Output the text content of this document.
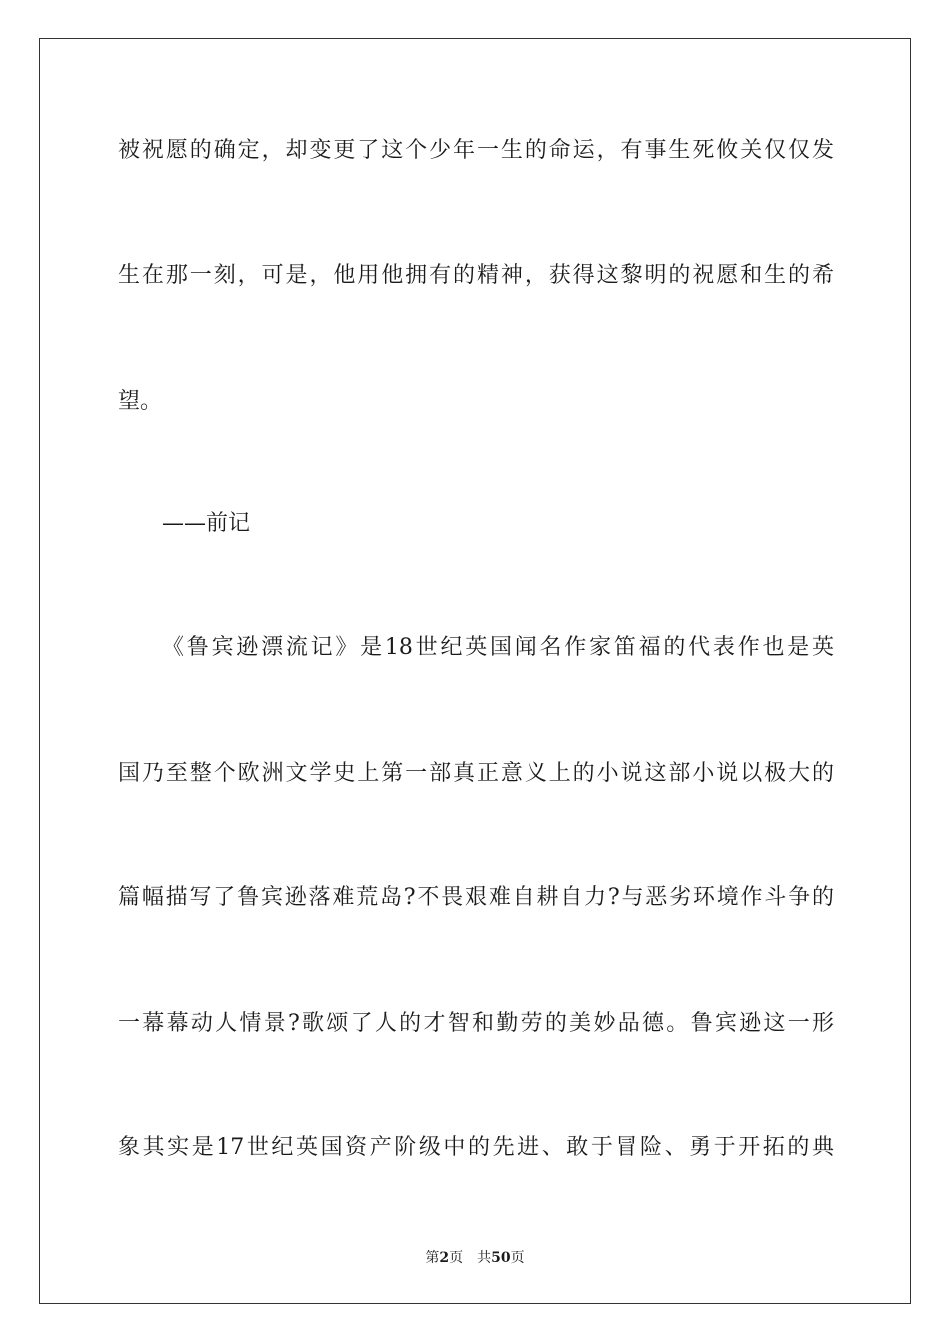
被祝愿的确定，却变更了这个少年一生的命运，有事生死攸关仅仅发
生在那一刻，可是，他用他拥有的精神，获得这黎明的祝愿和生的希
望。
——前记
《鲁宾逊漂流记》是18世纪英国闻名作家笛福的代表作也是英
国乃至整个欧洲文学史上第一部真正意义上的小说这部小说以极大的
篇幅描写了鲁宾逊落难荒岛?不畏艰难自耕自力?与恶劣环境作斗争的
一幕幕动人情景?歌颂了人的才智和勤劳的美妙品德。鲁宾逊这一形
象其实是17世纪英国资产阶级中的先进、敢于冒险、勇于开拓的典
第2页 共50页
